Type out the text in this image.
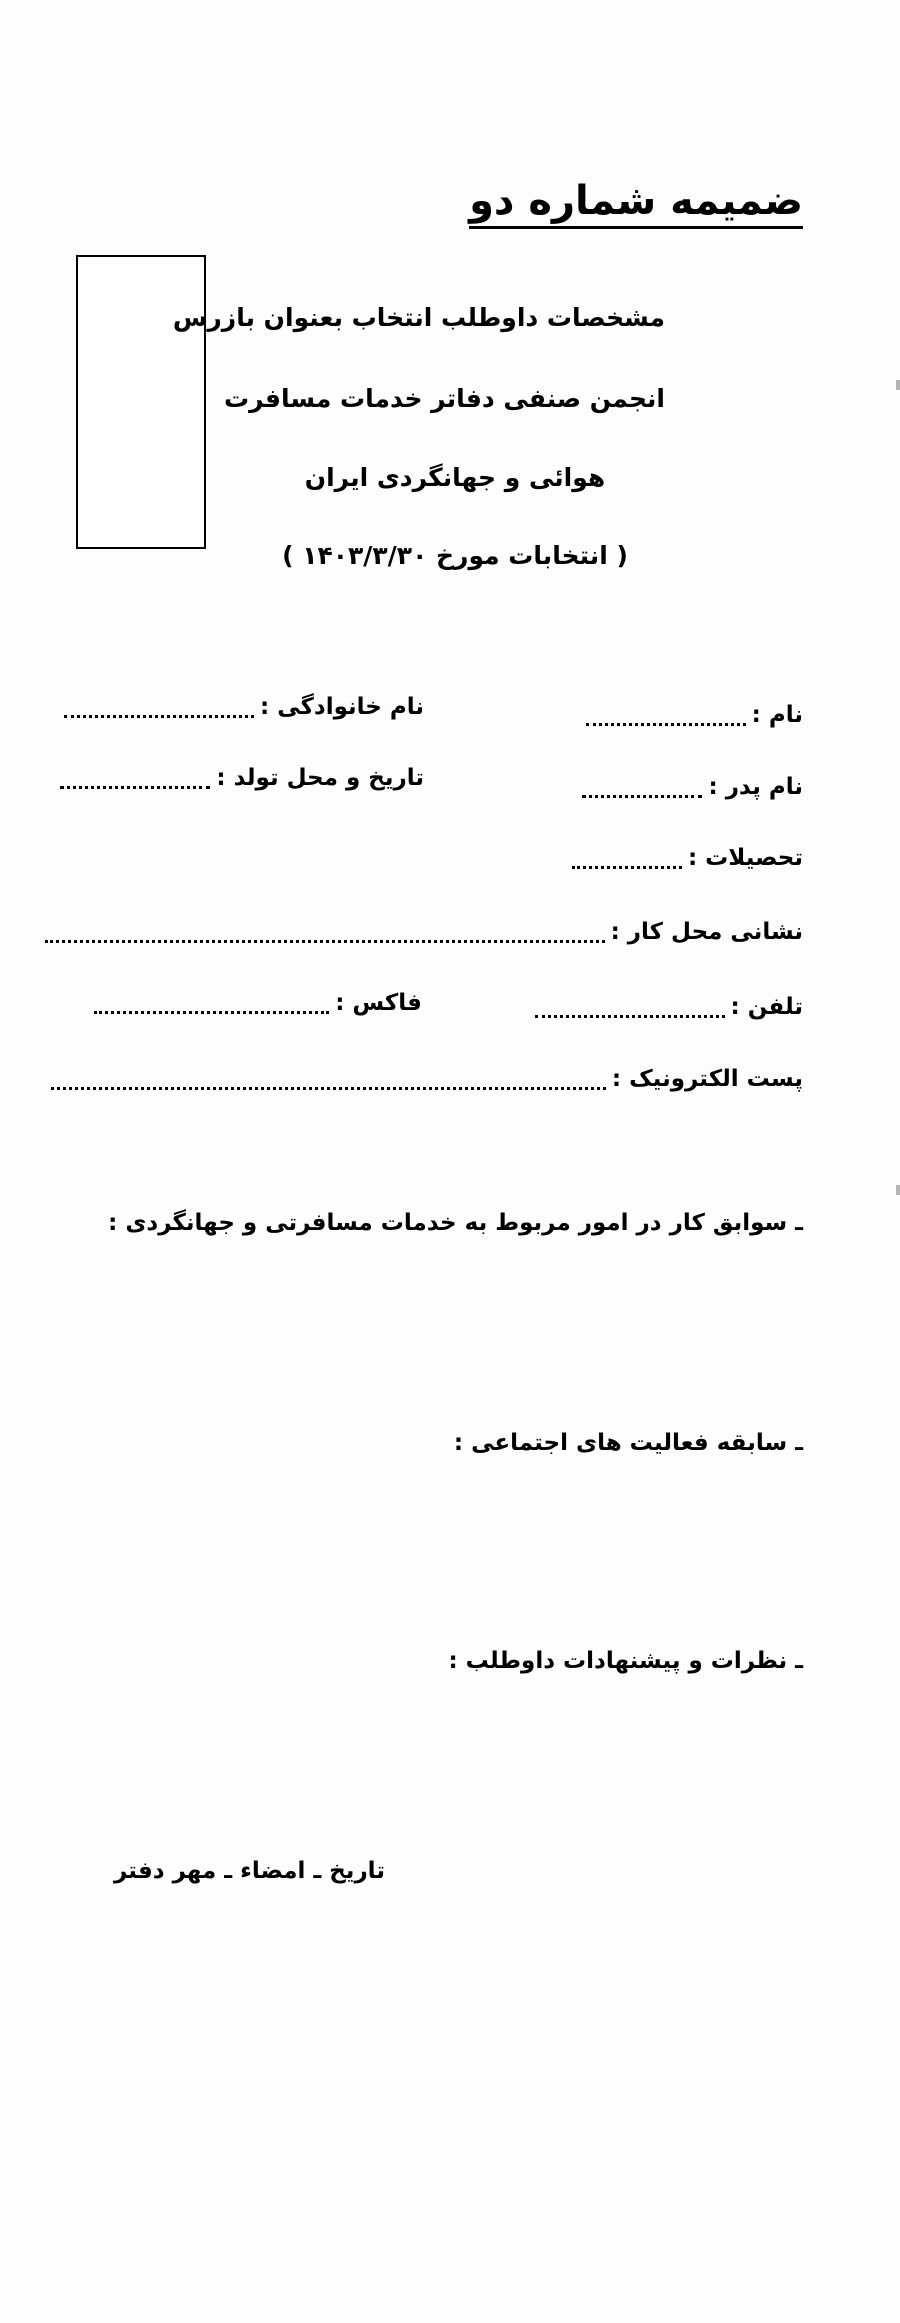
ضمیمه شماره دو
مشخصات داوطلب انتخاب بعنوان بازرس
انجمن صنفی دفاتر خدمات مسافرت
هوائی و جهانگردی ایران
( انتخابات مورخ ۱۴۰۳/۳/۳۰ )
نام :
نام خانوادگی :
نام پدر :
تاریخ و محل تولد :
تحصیلات :
نشانی محل کار :
تلفن :
فاکس :
پست الکترونیک :
ـ سوابق کار در امور مربوط به خدمات مسافرتی و جهانگردی :
ـ سابقه فعالیت های اجتماعی :
ـ نظرات و پیشنهادات داوطلب :
تاریخ ـ امضاء ـ مهر دفتر
